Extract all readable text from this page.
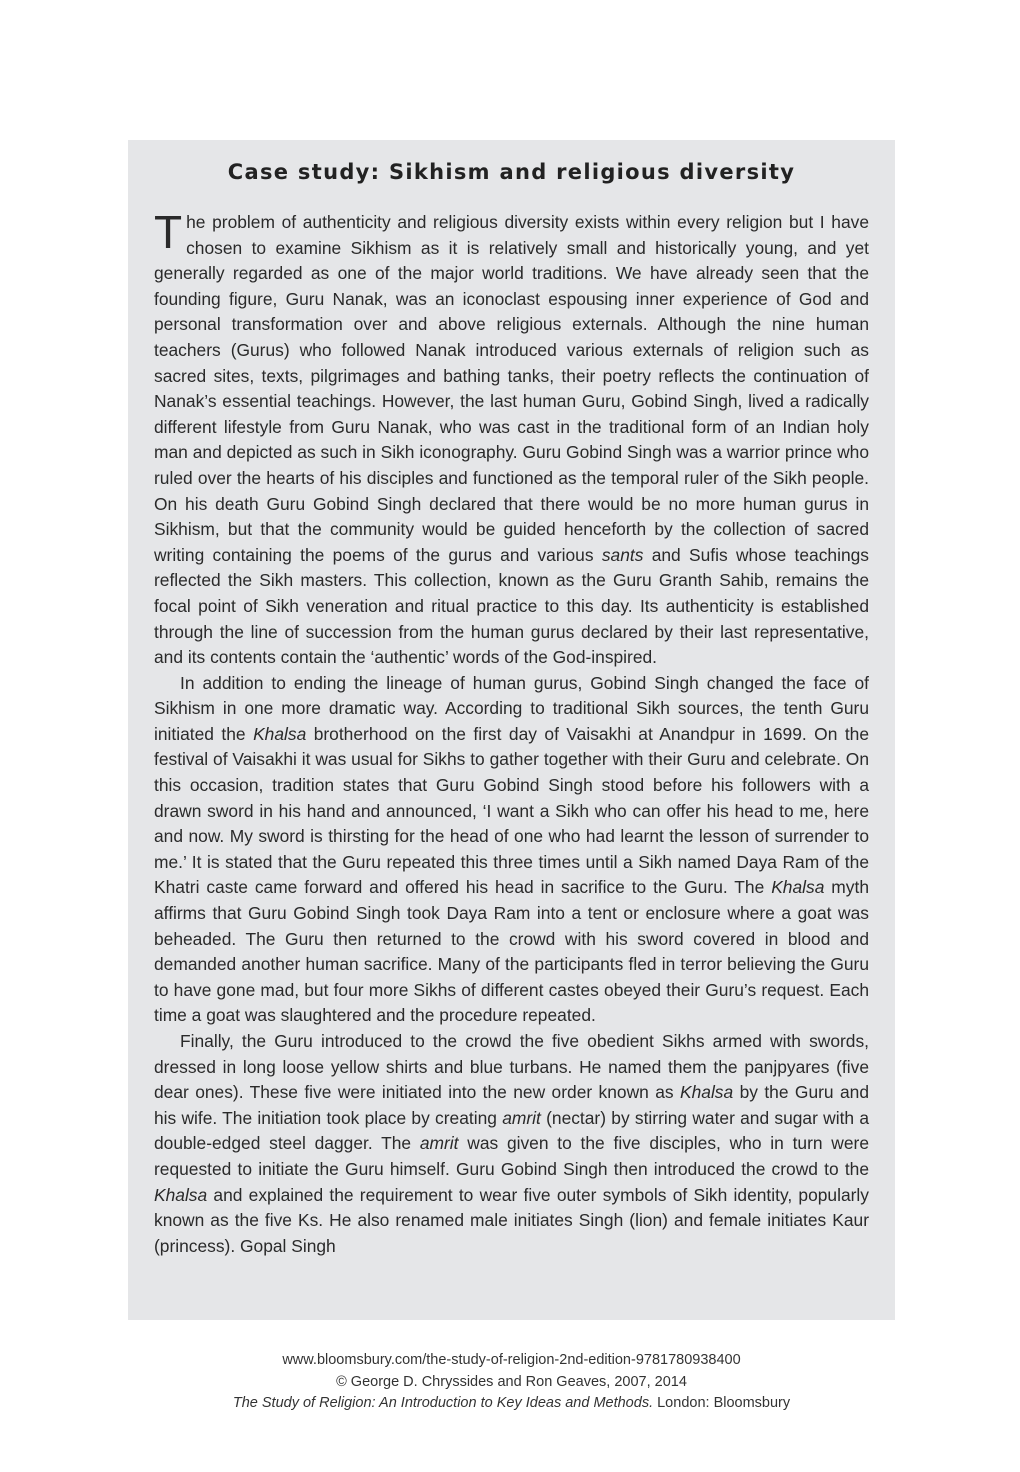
Case study: Sikhism and religious diversity

The problem of authenticity and religious diversity exists within every religion but I have chosen to examine Sikhism as it is relatively small and historically young, and yet generally regarded as one of the major world traditions. We have already seen that the founding figure, Guru Nanak, was an iconoclast espousing inner experience of God and personal transformation over and above religious externals. Although the nine human teachers (Gurus) who followed Nanak introduced various externals of religion such as sacred sites, texts, pilgrimages and bathing tanks, their poetry reflects the continuation of Nanak’s essential teachings. However, the last human Guru, Gobind Singh, lived a radically different lifestyle from Guru Nanak, who was cast in the traditional form of an Indian holy man and depicted as such in Sikh iconography. Guru Gobind Singh was a warrior prince who ruled over the hearts of his disciples and functioned as the temporal ruler of the Sikh people. On his death Guru Gobind Singh declared that there would be no more human gurus in Sikhism, but that the community would be guided henceforth by the collection of sacred writing containing the poems of the gurus and various sants and Sufis whose teachings reflected the Sikh masters. This collection, known as the Guru Granth Sahib, remains the focal point of Sikh veneration and ritual practice to this day. Its authenticity is established through the line of succession from the human gurus declared by their last representative, and its contents contain the ‘authentic’ words of the God-inspired.

In addition to ending the lineage of human gurus, Gobind Singh changed the face of Sikhism in one more dramatic way. According to traditional Sikh sources, the tenth Guru initiated the Khalsa brotherhood on the first day of Vaisakhi at Anandpur in 1699. On the festival of Vaisakhi it was usual for Sikhs to gather together with their Guru and celebrate. On this occasion, tradition states that Guru Gobind Singh stood before his followers with a drawn sword in his hand and announced, ‘I want a Sikh who can offer his head to me, here and now. My sword is thirsting for the head of one who had learnt the lesson of surrender to me.’ It is stated that the Guru repeated this three times until a Sikh named Daya Ram of the Khatri caste came forward and offered his head in sacrifice to the Guru. The Khalsa myth affirms that Guru Gobind Singh took Daya Ram into a tent or enclosure where a goat was beheaded. The Guru then returned to the crowd with his sword covered in blood and demanded another human sacrifice. Many of the participants fled in terror believing the Guru to have gone mad, but four more Sikhs of different castes obeyed their Guru’s request. Each time a goat was slaughtered and the procedure repeated.

Finally, the Guru introduced to the crowd the five obedient Sikhs armed with swords, dressed in long loose yellow shirts and blue turbans. He named them the panjpyares (five dear ones). These five were initiated into the new order known as Khalsa by the Guru and his wife. The initiation took place by creating amrit (nectar) by stirring water and sugar with a double-edged steel dagger. The amrit was given to the five disciples, who in turn were requested to initiate the Guru himself. Guru Gobind Singh then introduced the crowd to the Khalsa and explained the requirement to wear five outer symbols of Sikh identity, popularly known as the five Ks. He also renamed male initiates Singh (lion) and female initiates Kaur (princess). Gopal Singh

www.bloomsbury.com/the-study-of-religion-2nd-edition-9781780938400

© George D. Chryssides and Ron Geaves, 2007, 2014

The Study of Religion: An Introduction to Key Ideas and Methods. London: Bloomsbury
